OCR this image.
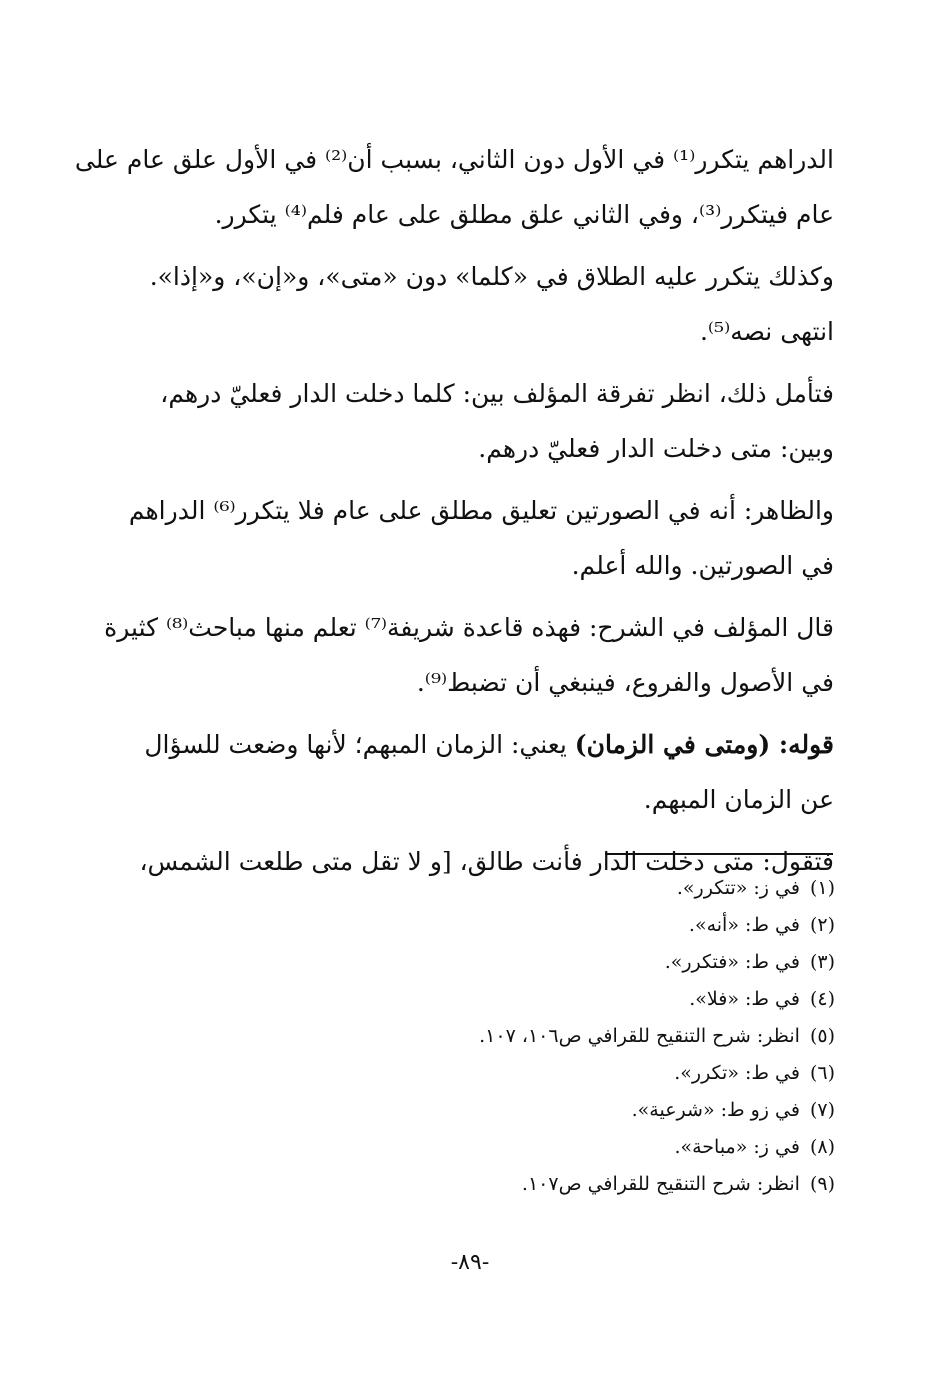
الدراهم يتكرر⁽¹⁾ في الأول دون الثاني، بسبب أن⁽²⁾ في الأول علق عام على
عام فيتكرر⁽³⁾، وفي الثاني علق مطلق على عام فلم⁽⁴⁾ يتكرر.

وكذلك يتكرر عليه الطلاق في «كلما» دون «متى»، و«إن»، و«إذا».
انتهى نصه⁽⁵⁾.

فتأمل ذلك، انظر تفرقة المؤلف بين: كلما دخلت الدار فعليّ درهم،
وبين: متى دخلت الدار فعليّ درهم.

والظاهر: أنه في الصورتين تعليق مطلق على عام فلا يتكرر⁽⁶⁾ الدراهم
في الصورتين. والله أعلم.

قال المؤلف في الشرح: فهذه قاعدة شريفة⁽⁷⁾ تعلم منها مباحث⁽⁸⁾ كثيرة
في الأصول والفروع، فينبغي أن تضبط⁽⁹⁾.

قوله: (ومتى في الزمان) يعني: الزمان المبهم؛ لأنها وضعت للسؤال
عن الزمان المبهم.

فتقول: متى دخلت الدار فأنت طالق، [و لا تقل متى طلعت الشمس،

(١)في ز: «تتكرر».
(٢)في ط: «أنه».
(٣)في ط: «فتكرر».
(٤)في ط: «فلا».
(٥)انظر: شرح التنقيح للقرافي ص١٠٦، ١٠٧.
(٦)في ط: «تكرر».
(٧)في زو ط: «شرعية».
(٨)في ز: «مباحة».
(٩)انظر: شرح التنقيح للقرافي ص١٠٧.
-٨٩-
